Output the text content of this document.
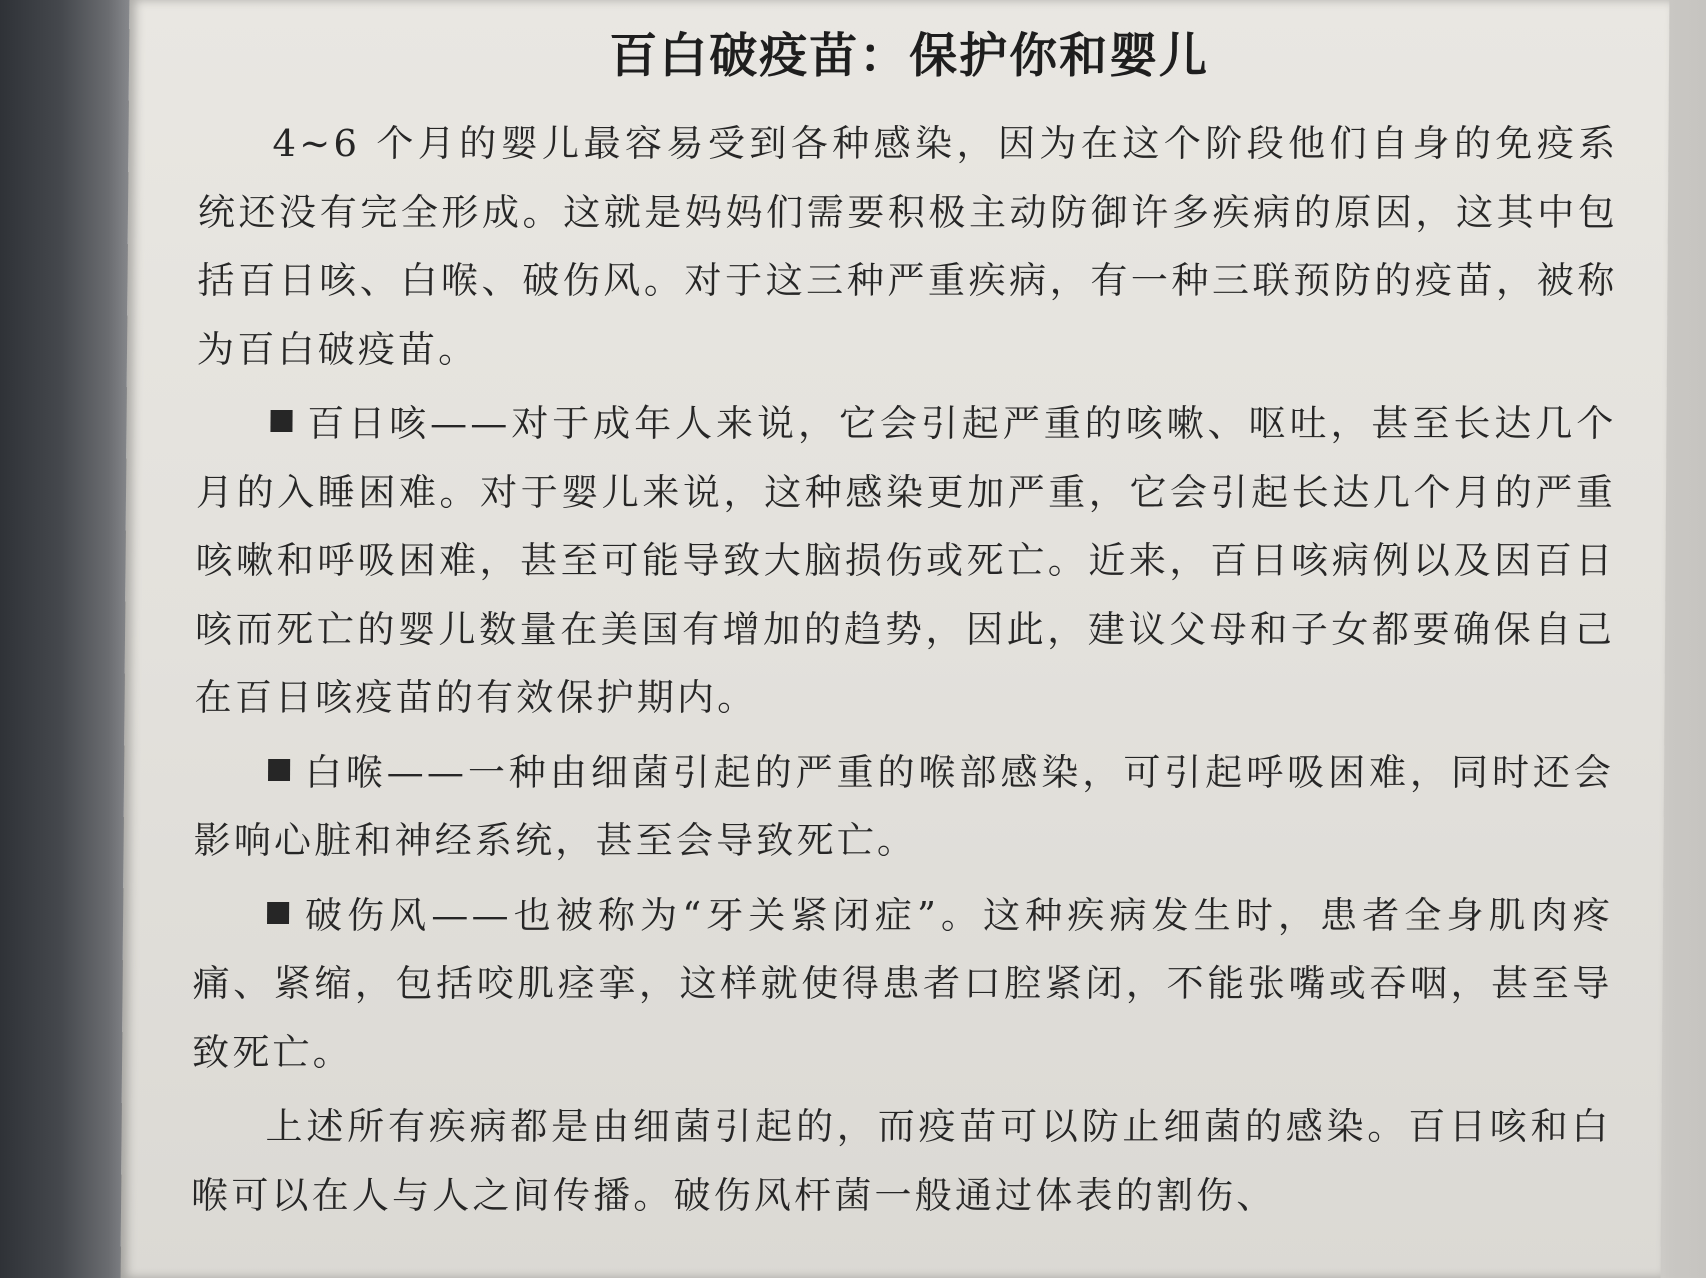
百白破疫苗：保护你和婴儿

4~6 个月的婴儿最容易受到各种感染，因为在这个阶段他们自身的免疫系统还没有完全形成。这就是妈妈们需要积极主动防御许多疾病的原因，这其中包括百日咳、白喉、破伤风。对于这三种严重疾病，有一种三联预防的疫苗，被称为百白破疫苗。

百日咳——对于成年人来说，它会引起严重的咳嗽、呕吐，甚至长达几个月的入睡困难。对于婴儿来说，这种感染更加严重，它会引起长达几个月的严重咳嗽和呼吸困难，甚至可能导致大脑损伤或死亡。近来，百日咳病例以及因百日咳而死亡的婴儿数量在美国有增加的趋势，因此，建议父母和子女都要确保自己在百日咳疫苗的有效保护期内。

白喉——一种由细菌引起的严重的喉部感染，可引起呼吸困难，同时还会影响心脏和神经系统，甚至会导致死亡。

破伤风——也被称为“牙关紧闭症”。这种疾病发生时，患者全身肌肉疼痛、紧缩，包括咬肌痉挛，这样就使得患者口腔紧闭，不能张嘴或吞咽，甚至导致死亡。

上述所有疾病都是由细菌引起的，而疫苗可以防止细菌的感染。百日咳和白喉可以在人与人之间传播。破伤风杆菌一般通过体表的割伤、
